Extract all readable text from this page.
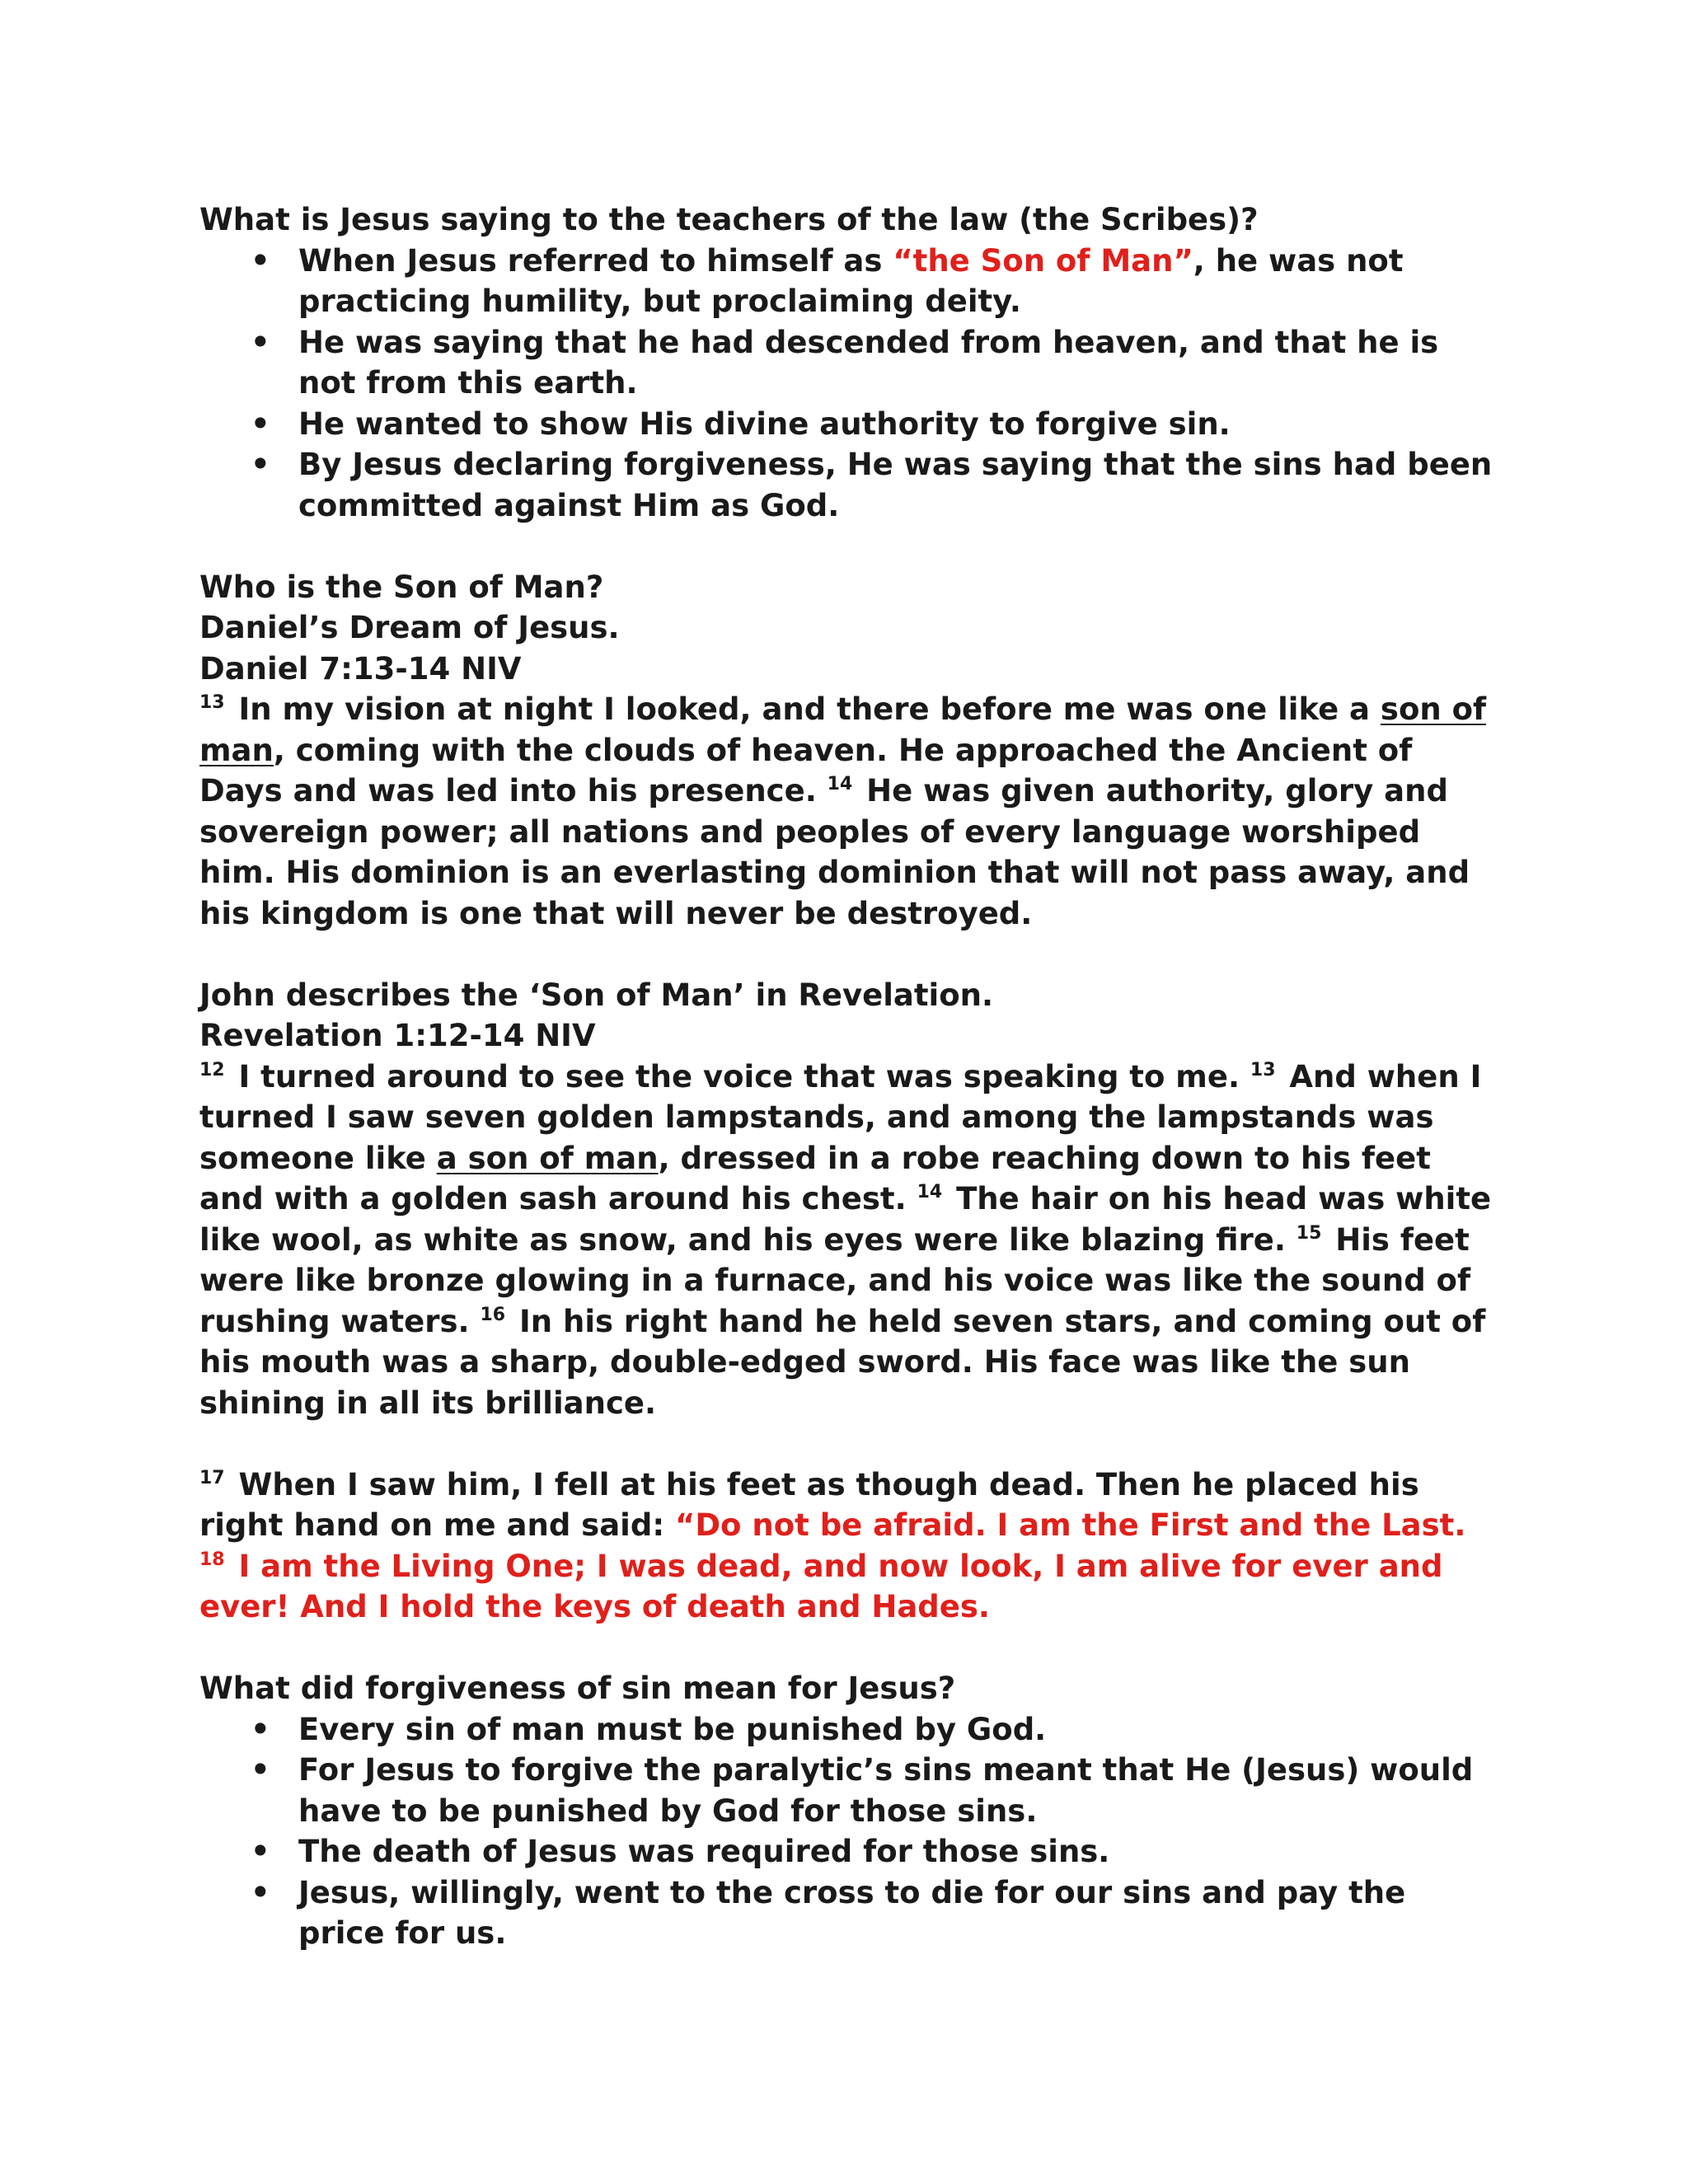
What is Jesus saying to the teachers of the law (the Scribes)?

• When Jesus referred to himself as “the Son of Man”, he was not practicing humility, but proclaiming deity.
• He was saying that he had descended from heaven, and that he is not from this earth.
• He wanted to show His divine authority to forgive sin.
• By Jesus declaring forgiveness, He was saying that the sins had been committed against Him as God.

Who is the Son of Man?

Daniel’s Dream of Jesus.

Daniel 7:13-14 NIV

$^{13}$ In my vision at night I looked, and there before me was one like a son of man, coming with the clouds of heaven. He approached the Ancient of Days and was led into his presence. $^{14}$ He was given authority, glory and sovereign power; all nations and peoples of every language worshiped him. His dominion is an everlasting dominion that will not pass away, and his kingdom is one that will never be destroyed.

John describes the ‘Son of Man’ in Revelation.

Revelation 1:12-14 NIV

$^{12}$ I turned around to see the voice that was speaking to me. $^{13}$ And when I turned I saw seven golden lampstands, and among the lampstands was someone like a son of man, dressed in a robe reaching down to his feet and with a golden sash around his chest. $^{14}$ The hair on his head was white like wool, as white as snow, and his eyes were like blazing fire. $^{15}$ His feet were like bronze glowing in a furnace, and his voice was like the sound of rushing waters. $^{16}$ In his right hand he held seven stars, and coming out of his mouth was a sharp, double-edged sword. His face was like the sun shining in all its brilliance.

$^{17}$ When I saw him, I fell at his feet as though dead. Then he placed his right hand on me and said: “Do not be afraid. I am the First and the Last. $^{18}$ I am the Living One; I was dead, and now look, I am alive for ever and ever! And I hold the keys of death and Hades.

What did forgiveness of sin mean for Jesus?

• Every sin of man must be punished by God.
• For Jesus to forgive the paralytic’s sins meant that He (Jesus) would have to be punished by God for those sins.
• The death of Jesus was required for those sins.
• Jesus, willingly, went to the cross to die for our sins and pay the price for us.
